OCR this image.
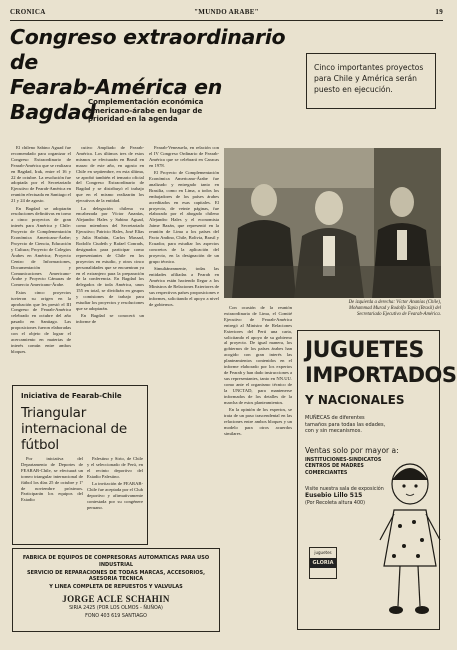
CRONICA	"MUNDO ARABE"	19
Congreso extraordinario de
Fearab-América en Bagdad
Cinco importantes proyectos para Chile y América serán puesto en ejecución.
Complementación económica americano-árabe en lugar de prioridad en la agenda

El chileno Sabino Aguad fue recomendado para organizar el Congreso Extraordinario de Fearab-América que se realizara en Bagdad, Irak, entre el 16 y 22 de octubre. La resolución fue adoptada por el Secretariado Ejecutivo de Fearab-América en reunión efectuada en Santiago el 21 y 24 de agosto.

En Bagdad se adoptarán resoluciones definitivas en torno a cinco proyectos de gran interés para América y Chile: Proyecto de Complementación Económica Americano-Árabe; Proyecto de Ciencia, Educación y Cultura; Proyecto de Colegios Árabes en América; Proyecto Centro de Informaciones, Documentación y Comunicaciones Americano-Árabe y Proyecto Cámaras de Comercio Americano-Árabe.

Estos cinco proyectos tuvieron su origen en la aprobación que les prestó el III Congreso de Fearab-América celebrado en octubre del año pasado en Santiago. Las proposiciones fueron elaboradas con el objeto de lograr el acercamiento en materias de interés común entre ambos bloques.

cutivo Ampliado de Fearab-América. Los últimos tres de estos mismos se efectuarán en Brasil en marzo de este año, en agosto en Chile en septiembre, en esta última, se aprobó también el temario oficial del Congreso Extraordinario de Bagdad y se distribuyó el trabajo que en el mismo realizarán los ejecutivos de la entidad.

La delegación chilena va encabezada por Víctor Ananías, Alejandro Hales y Sabino Aguad, como miembros del Secretariado Ejecutivo; Patricio Hales, José Elías y Julia Hasbún, Carlos Massad, Rodolfo Ciudeth y Rafael Conrads, designados para participar como representantes de Chile en los proyectos en estudio, y otros cinco personalidades que se encuentran ya en el extranjero para la preparación de la conferencia. En Bagdad los delegados de toda América, unos 155 en total, se dividirán en grupos y comisiones de trabajo para estudiar los proyectos y resoluciones que se adoptarán.

En Bagdad se conocerá un informe de

Fearab-Venezuela, en relación con el IV Congreso Ordinario de Fearab-América que se celebrará en Caracas en 1978.

El Proyecto de Complementación Económica Americano-Árabe fue analizado y entregado tanto en Brasilia, como en Lima, a todos los embajadores de los países árabes acreditados en esas capitales. El proyecto, de veinte páginas, fue elaborado por el abogado chileno Alejandro Hales y el economista Jaime Bazán, que representó en la reunión de Lima a los países del Pacto Andino, Chile, Bolivia, Brasil y Ecuador, para estudiar los aspectos concretos de la aplicación del proyecto, en la designación de un grupo técnico.

Simultáneamente, todas las entidades afiliadas a Fearab en América están haciendo llegar a los Ministros de Relaciones Exteriores de sus respectivos países proposiciones e informes, solicitando el apoyo a nivel de gobiernos.	De izquierda a derecha: Víctor Ananías (Chile), Mohammad Murad y Rodolfo Tapia (Brasil) del Secretariado Ejecutivo de Fearab-América.

Con ocasión de la reunión extraordinaria de Lima, el Comité Ejecutivo de Fearab-América entregó al Ministro de Relaciones Exteriores del Perú una carta, solicitando el apoyo de su gobierno al proyecto. De igual manera, los gobiernos de los países árabes han acogido con gran interés las planteamientos contenidos en el informe elaborado por los expertos de Fearab y han dado instrucciones a sus representantes, tanto en NN.UU. como ante el organismo técnico de la UNCTAD, para mantenerse informados de los detalles de la marcha de estos planteamientos.

En la opinión de los expertos, se trata de un paso trascendental en las relaciones entre ambos bloques y un modelo para otros acuerdos similares.

Iniciativa de Fearab-Chile
Triangular internacional de fútbol

Por iniciativa del Departamento de Deportes de FEARAB-Chile, se efectuará un torneo triangular internacional de fútbol los días 25 de octubre y 1º de noviembre próximos. Participarán los equipos del Estadio

Palestino y Sirio, de Chile y el seleccionado de Perú, en el recinto deportivo del Estadio Palestino.

La invitación de FEARAB-Chile fue aceptada por el Club deportivo y afirmativamente contestada por su congénere peruano.

FABRICA DE EQUIPOS DE COMPRESORAS AUTOMATICAS PARA USO INDUSTRIAL
SERVICIO DE REPARACIONES DE TODAS MARCAS, ACCESORIOS, ASESORIA TECNICA
Y LINEA COMPLETA DE REPUESTOS Y VALVULAS
JORGE ACLE SCHAHIN
SIRIA 2425 (POR LOS OLMOS - ÑUÑOA)
FONO 403 619 SANTIAGO
JUGUETES
IMPORTADOS
Y NACIONALES
MUÑECAS de diferentes tamaños para todas las edades, con y sin mecanismos.
Ventas solo por mayor a:
INSTITUCIONES-SINDICATOS CENTROS DE MADRES COMERCIANTES
Visite nuestra sala de exposición
Eusebio Lillo 515
(Por Recoleta altura 400)
juguetes
GLORIA
